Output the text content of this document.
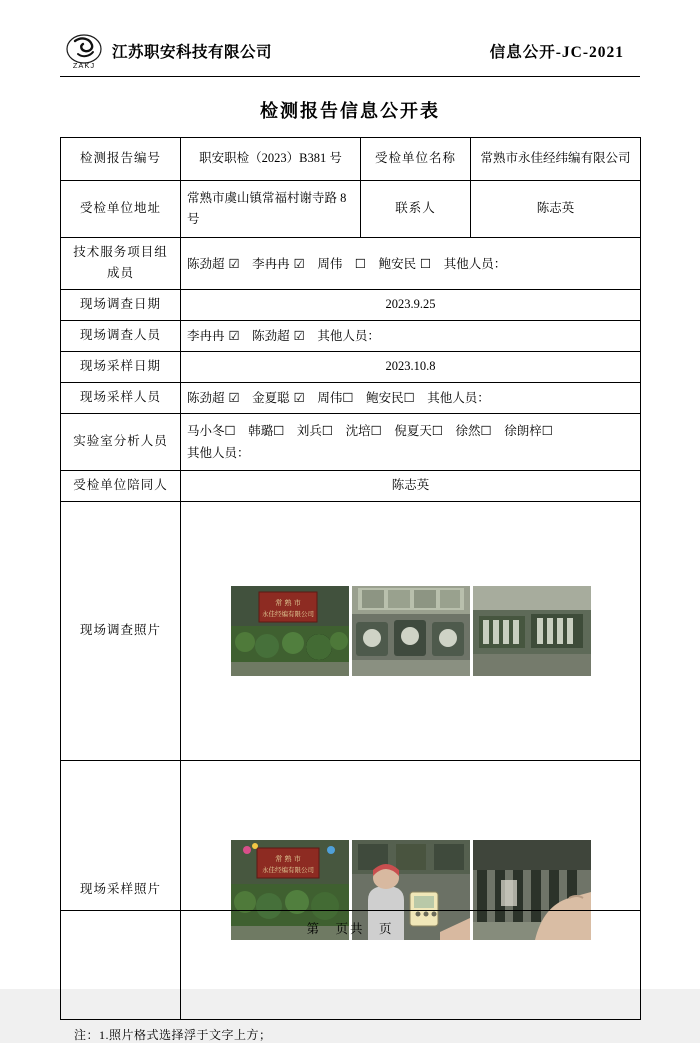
ZAKJ
江苏职安科技有限公司	信息公开-JC-2021
检测报告信息公开表
检测报告编号	职安职检（2023）B381 号	受检单位名称	常熟市永佳经纬编有限公司
受检单位地址	常熟市虞山镇常福村谢寺路 8 号	联系人	陈志英
技术服务项目组成员	陈劲超 ☑　李冉冉 ☑　周伟　☐　鲍安民 ☐　其他人员：		
现场调查日期	2023.9.25		
现场调查人员	李冉冉 ☑　陈劲超 ☑　其他人员：		
现场采样日期	2023.10.8		
现场采样人员	陈劲超 ☑　金夏聪 ☑　周伟☐　鲍安民☐　其他人员：		
实验室分析人员	马小冬☐　韩璐☐　刘兵☐　沈培☐　倪夏天☐　徐然☐　徐朗梓☐
其他人员：		

受检单位陪同人	陈志英		
现场调查照片	常 熟 市
永佳经编有限公司		

现场采样照片	常 熟 市
永佳经编有限公司		
注：1.照片格式选择浮于文字上方；
第　页共　页
